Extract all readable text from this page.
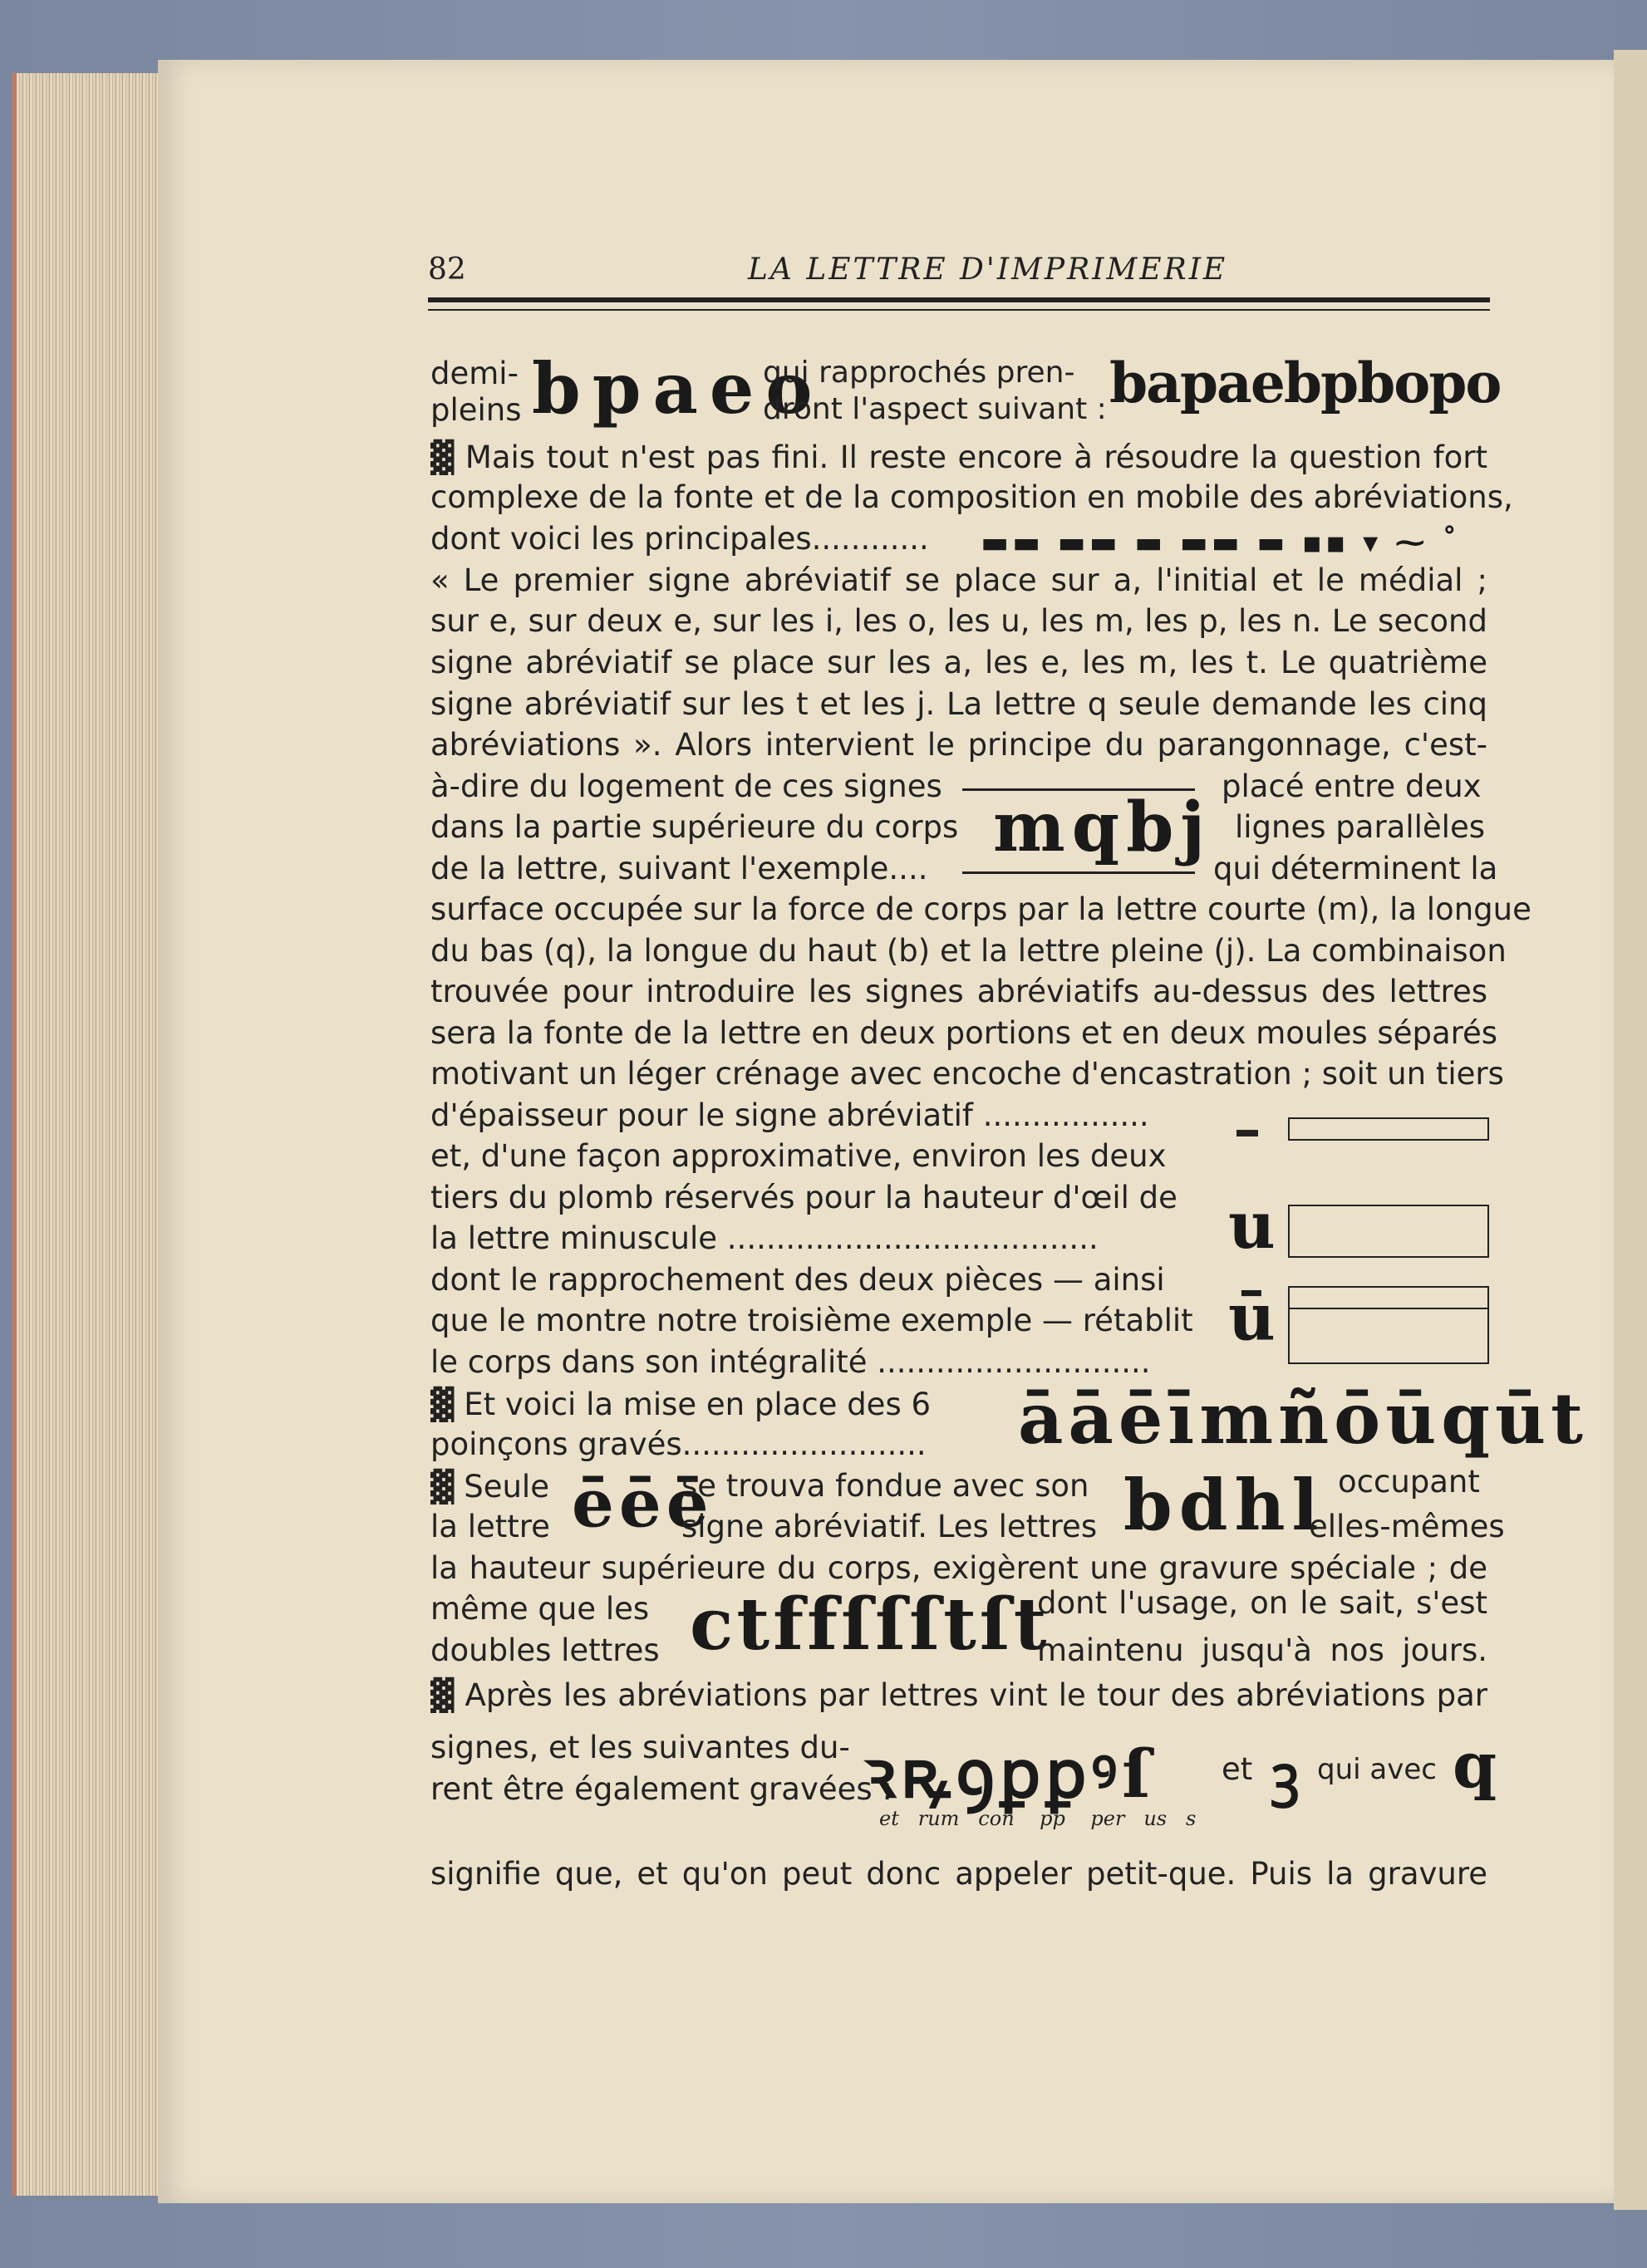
82	LA LETTRE D'IMPRIMERIE
demi-
pleins bpaeo
qui rapprochés pren-
dront l'aspect suivant : bapaebpbopo
▓ Mais tout n'est pas fini. Il reste encore à résoudre la question fort
complexe de la fonte et de la composition en mobile des abréviations,
dont voici les principales............ ▬▬ ▬▬ ▬ ▬▬ ▬ ▪▪ ▾ ⁓ ˚
« Le premier signe abréviatif se place sur a, l'initial et le médial ;
sur e, sur deux e, sur les i, les o, les u, les m, les p, les n. Le second
signe abréviatif se place sur les a, les e, les m, les t. Le quatrième
signe abréviatif sur les t et les j. La lettre q seule demande les cinq
abréviations ». Alors intervient le principe du parangonnage, c'est-
à-dire du logement de ces signes
dans la partie supérieure du corps
de la lettre, suivant l'exemple....
mqbj
placé entre deux
lignes parallèles
qui déterminent la
surface occupée sur la force de corps par la lettre courte (m), la longue
du bas (q), la longue du haut (b) et la lettre pleine (j). La combinaison
trouvée pour introduire les signes abréviatifs au-dessus des lettres
sera la fonte de la lettre en deux portions et en deux moules séparés
motivant un léger crénage avec encoche d'encastration ; soit un tiers
d'épaisseur pour le signe abréviatif .................
et, d'une façon approximative, environ les deux
tiers du plomb réservés pour la hauteur d'œil de
la lettre minuscule ......................................
dont le rapprochement des deux pièces — ainsi
que le montre notre troisième exemple — rétablit
le corps dans son intégralité ............................
u
ū
▓ Et voici la mise en place des 6
poinçons gravés......................... āāēīmñōūqūt
▓ Seule
la lettre ēēē
se trouva fondue avec son
signe abréviatif. Les lettres bdhl occupant
elles-mêmes
la hauteur supérieure du corps, exigèrent une gravure spéciale ; de
même que les
doubles lettres ctffſſſtſt
dont l'usage, on le sait, s'est
maintenu jusqu'à nos jours.
▓ Après les abréviations par lettres vint le tour des abréviations par
signes, et les suivantes du-
rent être également gravées :
ꝛꝶꝯꝑꝑꝰſ et ꝫ qui avec q
et   rum   con    pp    per   us   s
signifie que, et qu'on peut donc appeler petit-que. Puis la gravure
